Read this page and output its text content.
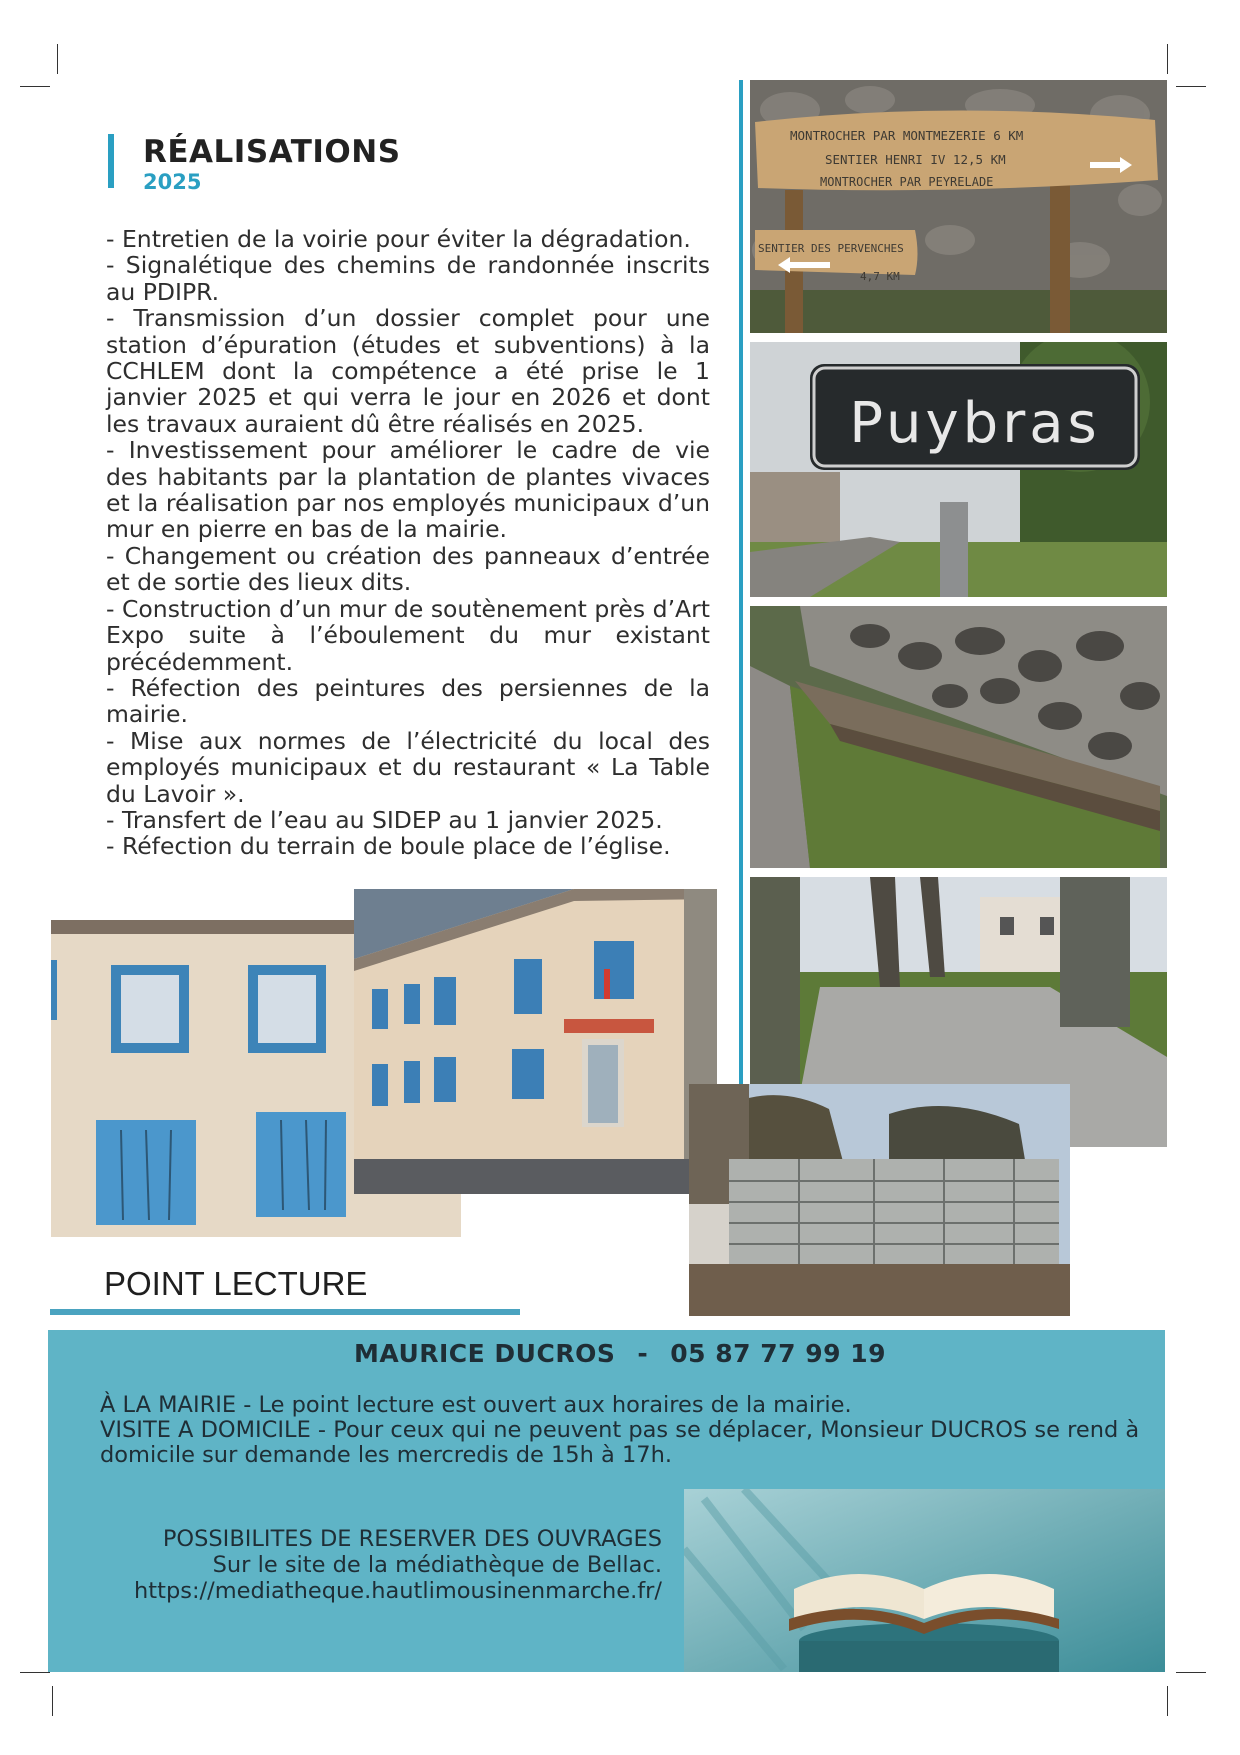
RÉALISATIONS
2025

- Entretien de la voirie pour éviter la dégradation.

- Signalétique des chemins de randonnée inscrits au PDIPR.

- Transmission d’un dossier complet pour une station d’épuration (études et subventions) à la CCHLEM dont la compétence a été prise le 1 janvier 2025 et qui verra le jour en 2026 et dont les travaux auraient dû être réalisés en 2025.

- Investissement pour améliorer le cadre de vie des habitants par la plantation de plantes vivaces et la réalisation par nos employés municipaux d’un mur en pierre en bas de la mairie.

- Changement ou création des panneaux d’entrée et de sortie des lieux dits.

- Construction d’un mur de soutènement près d’Art Expo suite à l’éboulement du mur existant précédemment.

- Réfection des peintures des persiennes de la mairie.

- Mise aux normes de l’électricité du local des employés municipaux et du restaurant « La Table du Lavoir ».

- Transfert de l’eau au SIDEP au 1 janvier 2025.

- Réfection du terrain de boule place de l’église.

MONTROCHER PAR MONTMEZERIE 6 KM
SENTIER HENRI IV 12,5 KM
MONTROCHER PAR PEYRELADE
SENTIER DES PERVENCHES
4,7 KM
Puybras
POINT LECTURE
MAURICE DUCROS - 05 87 77 99 19

À LA MAIRIE - Le point lecture est ouvert aux horaires de la mairie.

VISITE A DOMICILE - Pour ceux qui ne peuvent pas se déplacer, Monsieur DUCROS se rend à domicile sur demande les mercredis de 15h à 17h.

POSSIBILITES DE RESERVER DES OUVRAGES

Sur le site de la médiathèque de Bellac.

https://mediatheque.hautlimousinenmarche.fr/
